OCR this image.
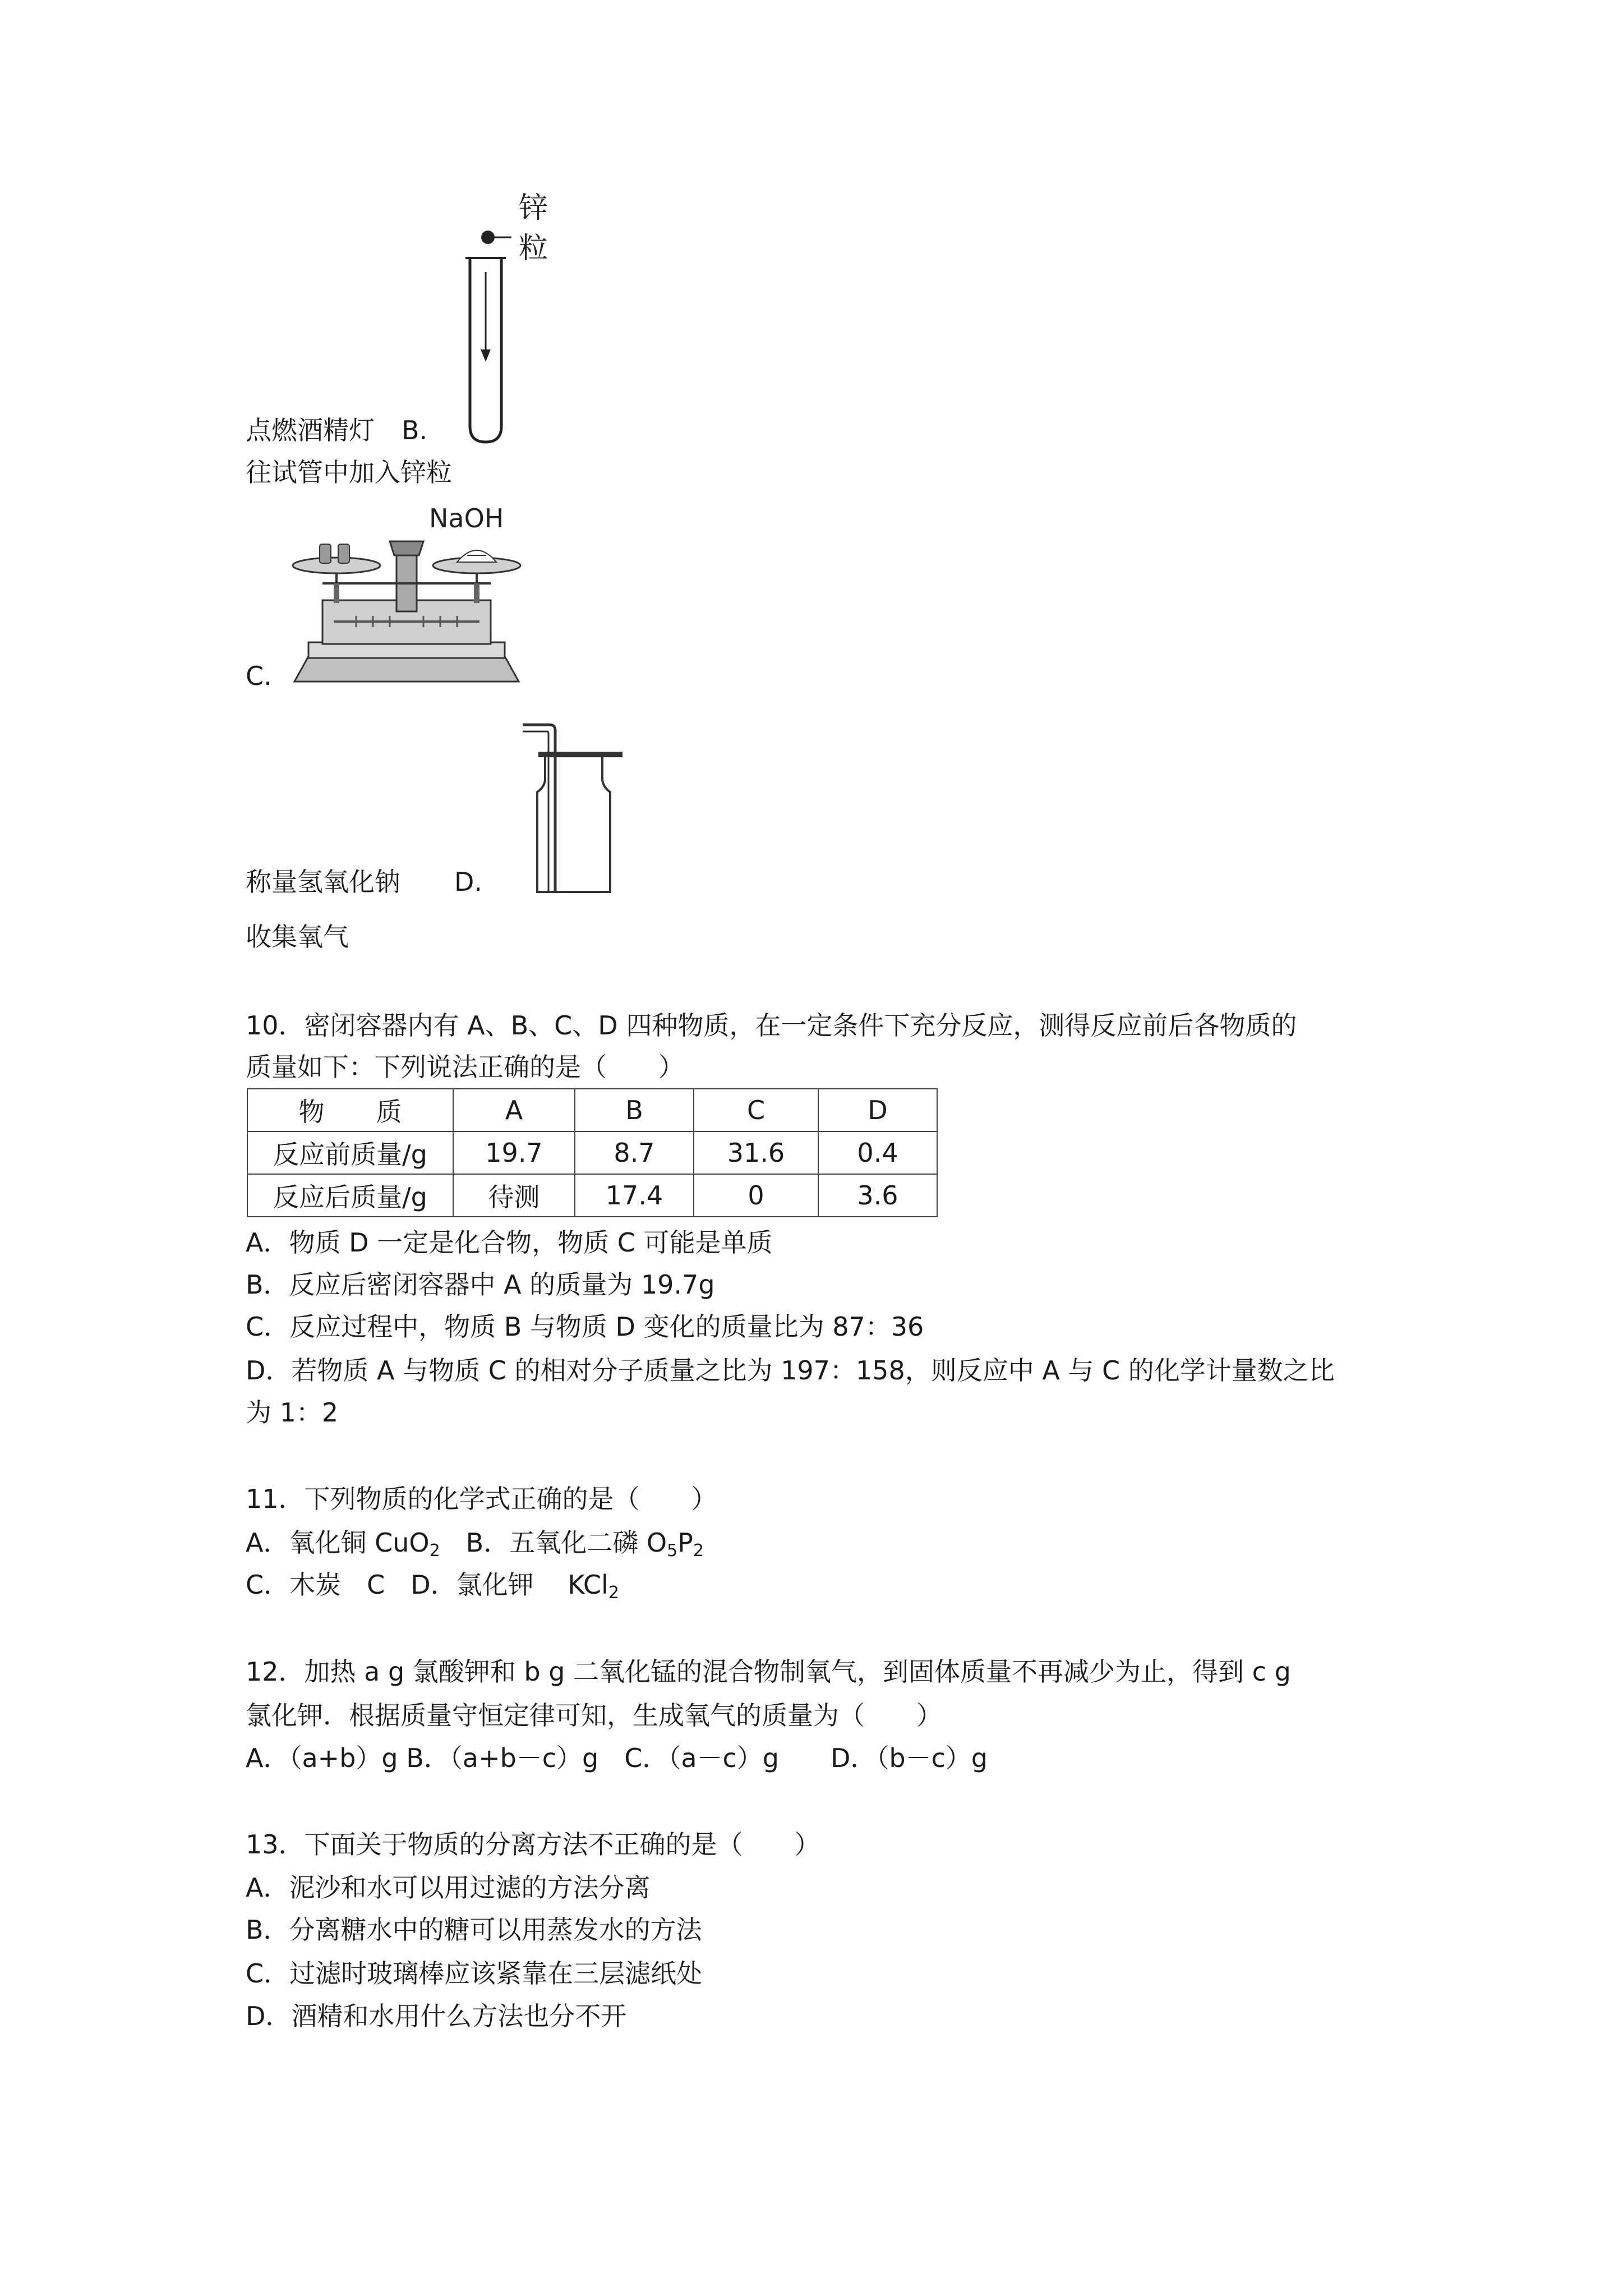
锌
粒
点燃酒精灯 B.
往试管中加入锌粒
NaOH
C.
称量氢氧化钠 D.
收集氧气
10．密闭容器内有 A、B、C、D 四种物质，在一定条件下充分反应，测得反应前后各物质的
质量如下：下列说法正确的是（　　）
物　　质	A	B	C	D
反应前质量/g	19.7	8.7	31.6	0.4
反应后质量/g	待测	17.4	0	3.6
A．物质 D 一定是化合物，物质 C 可能是单质
B．反应后密闭容器中 A 的质量为 19.7g
C．反应过程中，物质 B 与物质 D 变化的质量比为 87：36
D．若物质 A 与物质 C 的相对分子质量之比为 197：158，则反应中 A 与 C 的化学计量数之比
为 1：2
11．下列物质的化学式正确的是（　　）
A．氧化铜 CuO$_2$　B．五氧化二磷 $O_5P_2$
C．木炭　C　D．氯化钾　 KCl$_2$
12．加热 a g 氯酸钾和 b g 二氧化锰的混合物制氧气，到固体质量不再减少为止，得到 c g
氯化钾．根据质量守恒定律可知，生成氧气的质量为（　　）
A．（a+b）g B．（a+b－c）g　C．（a－c）g　　D．（b－c）g
13．下面关于物质的分离方法不正确的是（　　）
A．泥沙和水可以用过滤的方法分离
B．分离糖水中的糖可以用蒸发水的方法
C．过滤时玻璃棒应该紧靠在三层滤纸处
D．酒精和水用什么方法也分不开
